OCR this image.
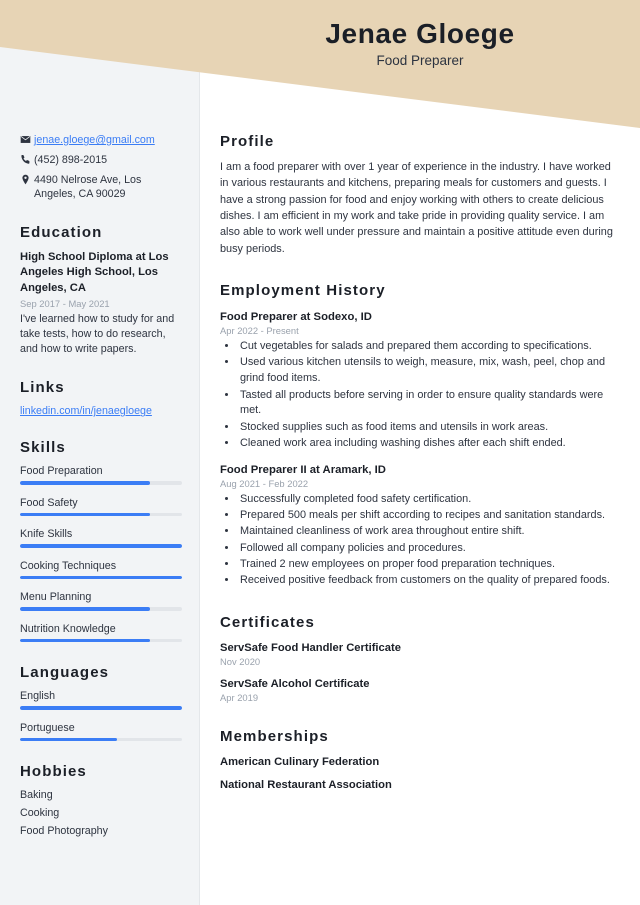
Jenae Gloege
Food Preparer
jenae.gloege@gmail.com
(452) 898-2015
4490 Nelrose Ave, Los Angeles, CA 90029
Education
High School Diploma at Los Angeles High School, Los Angeles, CA
Sep 2017 - May 2021
I've learned how to study for and take tests, how to do research, and how to write papers.
Links
linkedin.com/in/jenaegloege
Skills
Food Preparation
Food Safety
Knife Skills
Cooking Techniques
Menu Planning
Nutrition Knowledge
Languages
English
Portuguese
Hobbies
Baking
Cooking
Food Photography
Profile
I am a food preparer with over 1 year of experience in the industry. I have worked in various restaurants and kitchens, preparing meals for customers and guests. I have a strong passion for food and enjoy working with others to create delicious dishes. I am efficient in my work and take pride in providing quality service. I am also able to work well under pressure and maintain a positive attitude even during busy periods.
Employment History
Food Preparer at Sodexo, ID
Apr 2022 - Present
• Cut vegetables for salads and prepared them according to specifications.
• Used various kitchen utensils to weigh, measure, mix, wash, peel, chop and grind food items.
• Tasted all products before serving in order to ensure quality standards were met.
• Stocked supplies such as food items and utensils in work areas.
• Cleaned work area including washing dishes after each shift ended.
Food Preparer II at Aramark, ID
Aug 2021 - Feb 2022
• Successfully completed food safety certification.
• Prepared 500 meals per shift according to recipes and sanitation standards.
• Maintained cleanliness of work area throughout entire shift.
• Followed all company policies and procedures.
• Trained 2 new employees on proper food preparation techniques.
• Received positive feedback from customers on the quality of prepared foods.
Certificates
ServSafe Food Handler Certificate
Nov 2020
ServSafe Alcohol Certificate
Apr 2019
Memberships
American Culinary Federation
National Restaurant Association
